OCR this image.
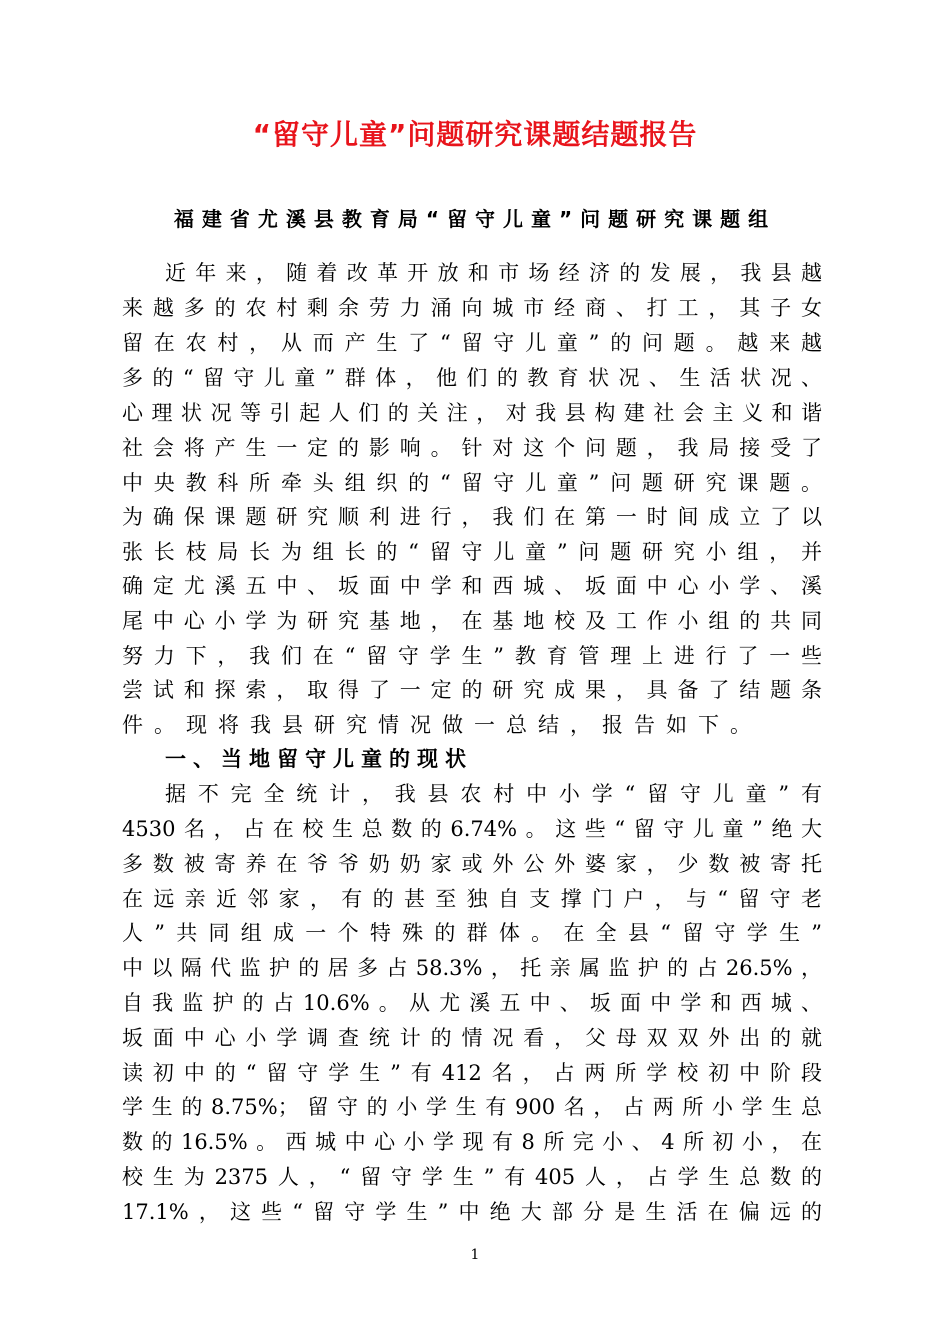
“留守儿童”问题研究课题结题报告
福建省尤溪县教育局“留守儿童”问题研究课题组
近年来，随着改革开放和市场经济的发展，我县越
来越多的农村剩余劳力涌向城市经商、打工，其子女
留在农村，从而产生了“留守儿童”的问题。越来越
多的“留守儿童”群体，他们的教育状况、生活状况、
心理状况等引起人们的关注，对我县构建社会主义和谐
社会将产生一定的影响。针对这个问题，我局接受了
中央教科所牵头组织的“留守儿童”问题研究课题。
为确保课题研究顺利进行，我们在第一时间成立了以
张长枝局长为组长的“留守儿童”问题研究小组，并
确定尤溪五中、坂面中学和西城、坂面中心小学、溪
尾中心小学为研究基地，在基地校及工作小组的共同
努力下，我们在“留守学生”教育管理上进行了一些
尝试和探索，取得了一定的研究成果，具备了结题条
件。现将我县研究情况做一总结，报告如下。
一、当地留守儿童的现状
据不完全统计，我县农村中小学“留守儿童”有
4530名，占在校生总数的6.74%。这些“留守儿童”绝大
多数被寄养在爷爷奶奶家或外公外婆家，少数被寄托
在远亲近邻家，有的甚至独自支撑门户，与“留守老
人”共同组成一个特殊的群体。在全县“留守学生”
中以隔代监护的居多占58.3%，托亲属监护的占26.5%，
自我监护的占10.6%。从尤溪五中、坂面中学和西城、
坂面中心小学调查统计的情况看，父母双双外出的就
读初中的“留守学生”有412名，占两所学校初中阶段
学生的8.75%；留守的小学生有900名，占两所小学生总
数的16.5%。西城中心小学现有8所完小、4所初小，在
校生为2375人，“留守学生”有405人，占学生总数的
17.1%，这些“留守学生”中绝大部分是生活在偏远的
1
